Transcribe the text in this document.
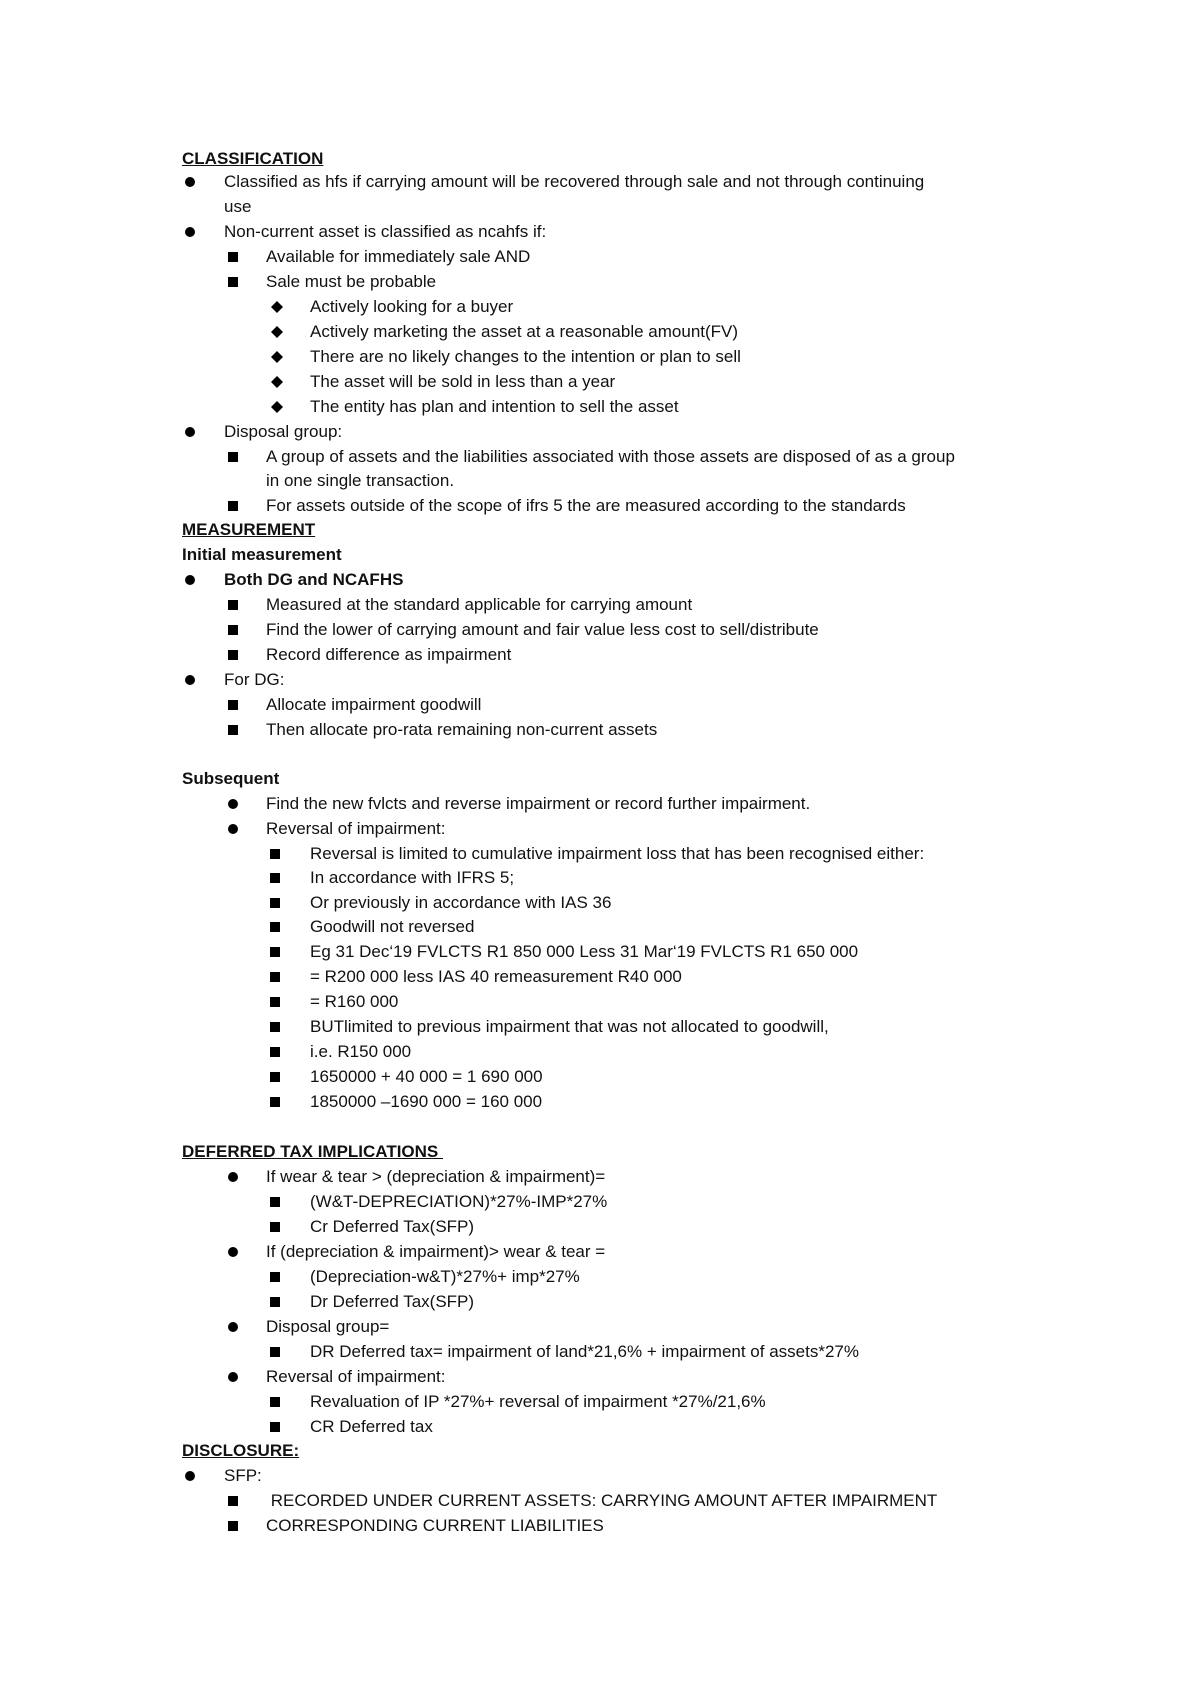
CLASSIFICATION
Classified as hfs if carrying amount will be recovered through sale and not through continuing
use
Non-current asset is classified as ncahfs if:
Available for immediately sale AND
Sale must be probable
Actively looking for a buyer
Actively marketing the asset at a reasonable amount(FV)
There are no likely changes to the intention or plan to sell
The asset will be sold in less than a year
The entity has plan and intention to sell the asset
Disposal group:
A group of assets and the liabilities associated with those assets are disposed of as a group
in one single transaction.
For assets outside of the scope of ifrs 5 the are measured according to the standards
MEASUREMENT
Initial measurement
Both DG and NCAFHS
Measured at the standard applicable for carrying amount
Find the lower of carrying amount and fair value less cost to sell/distribute
Record difference as impairment
For DG:
Allocate impairment goodwill
Then allocate pro-rata remaining non-current assets
Subsequent
Find the new fvlcts and reverse impairment or record further impairment.
Reversal of impairment:
Reversal is limited to cumulative impairment loss that has been recognised either:
In accordance with IFRS 5;
Or previously in accordance with IAS 36
Goodwill not reversed
Eg 31 Dec‘19 FVLCTS R1 850 000 Less 31 Mar‘19 FVLCTS R1 650 000
= R200 000 less IAS 40 remeasurement R40 000
= R160 000
BUTlimited to previous impairment that was not allocated to goodwill,
i.e. R150 000
1650000 + 40 000 = 1 690 000
1850000 –1690 000 = 160 000
DEFERRED TAX IMPLICATIONS
If wear & tear > (depreciation & impairment)=
(W&T-DEPRECIATION)*27%-IMP*27%
Cr Deferred Tax(SFP)
If (depreciation & impairment)> wear & tear =
(Depreciation-w&T)*27%+ imp*27%
Dr Deferred Tax(SFP)
Disposal group=
DR Deferred tax= impairment of land*21,6% + impairment of assets*27%
Reversal of impairment:
Revaluation of IP *27%+ reversal of impairment *27%/21,6%
CR Deferred tax
DISCLOSURE:
SFP:
RECORDED UNDER CURRENT ASSETS: CARRYING AMOUNT AFTER IMPAIRMENT
CORRESPONDING CURRENT LIABILITIES
